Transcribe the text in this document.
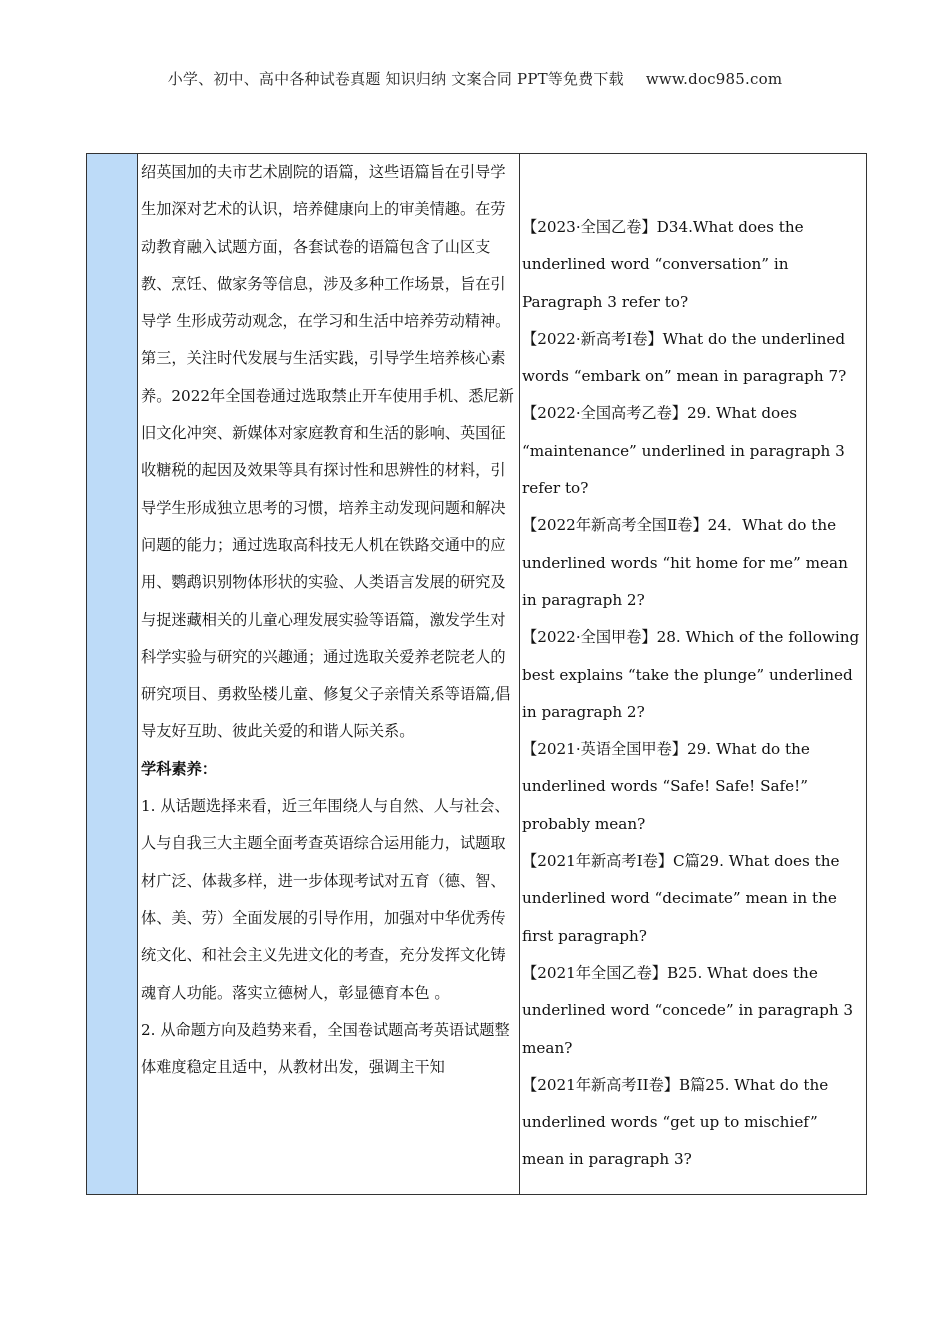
小学、初中、高中各种试卷真题 知识归纳 文案合同 PPT等免费下载 www.doc985.com

绍英国加的夫市艺术剧院的语篇，这些语篇旨在引导学生加深对艺术的认识，培养健康向上的审美情趣。在劳动教育融入试题方面，各套试卷的语篇包含了山区支教、烹饪、做家务等信息，涉及多种工作场景，旨在引导学 生形成劳动观念，在学习和生活中培养劳动精神。

第三，关注时代发展与生活实践，引导学生培养核心素养。2022年全国卷通过选取禁止开车使用手机、悉尼新旧文化冲突、新媒体对家庭教育和生活的影响、英国征收糖税的起因及效果等具有探讨性和思辨性的材料，引导学生形成独立思考的习惯，培养主动发现问题和解决问题的能力；通过选取高科技无人机在铁路交通中的应用、鹦鹉识别物体形状的实验、人类语言发展的研究及与捉迷藏相关的儿童心理发展实验等语篇，激发学生对科学实验与研究的兴趣通；通过选取关爱养老院老人的研究项目、勇救坠楼儿童、修复父子亲情关系等语篇,倡导友好互助、彼此关爱的和谐人际关系。

学科素养：

1. 从话题选择来看，近三年围绕人与自然、人与社会、人与自我三大主题全面考查英语综合运用能力，试题取材广泛、体裁多样，进一步体现考试对五育（德、智、体、美、劳）全面发展的引导作用，加强对中华优秀传统文化、和社会主义先进文化的考查，充分发挥文化铸魂育人功能。落实立德树人，彰显德育本色 。

2. 从命题方向及趋势来看，全国卷试题高考英语试题整体难度稳定且适中，从教材出发，强调主干知

【2023·全国乙卷】D34.What does the underlined word “conversation” in Paragraph 3 refer to?

【2022·新高考I卷】What do the underlined words “embark on” mean in paragraph 7?

【2022·全国高考乙卷】29. What does “maintenance” underlined in paragraph 3 refer to?

【2022年新高考全国Ⅱ卷】24．What do the underlined words “hit home for me” mean in paragraph 2?

【2022·全国甲卷】28. Which of the following best explains “take the plunge” underlined in paragraph 2?

【2021·英语全国甲卷】29. What do the underlined words “Safe! Safe! Safe!” probably mean?

【2021年新高考I卷】C篇29. What does the underlined word “decimate” mean in the first paragraph?

【2021年全国乙卷】B25. What does the underlined word “concede” in paragraph 3 mean?

【2021年新高考II卷】B篇25. What do the underlined words “get up to mischief” mean in paragraph 3?
